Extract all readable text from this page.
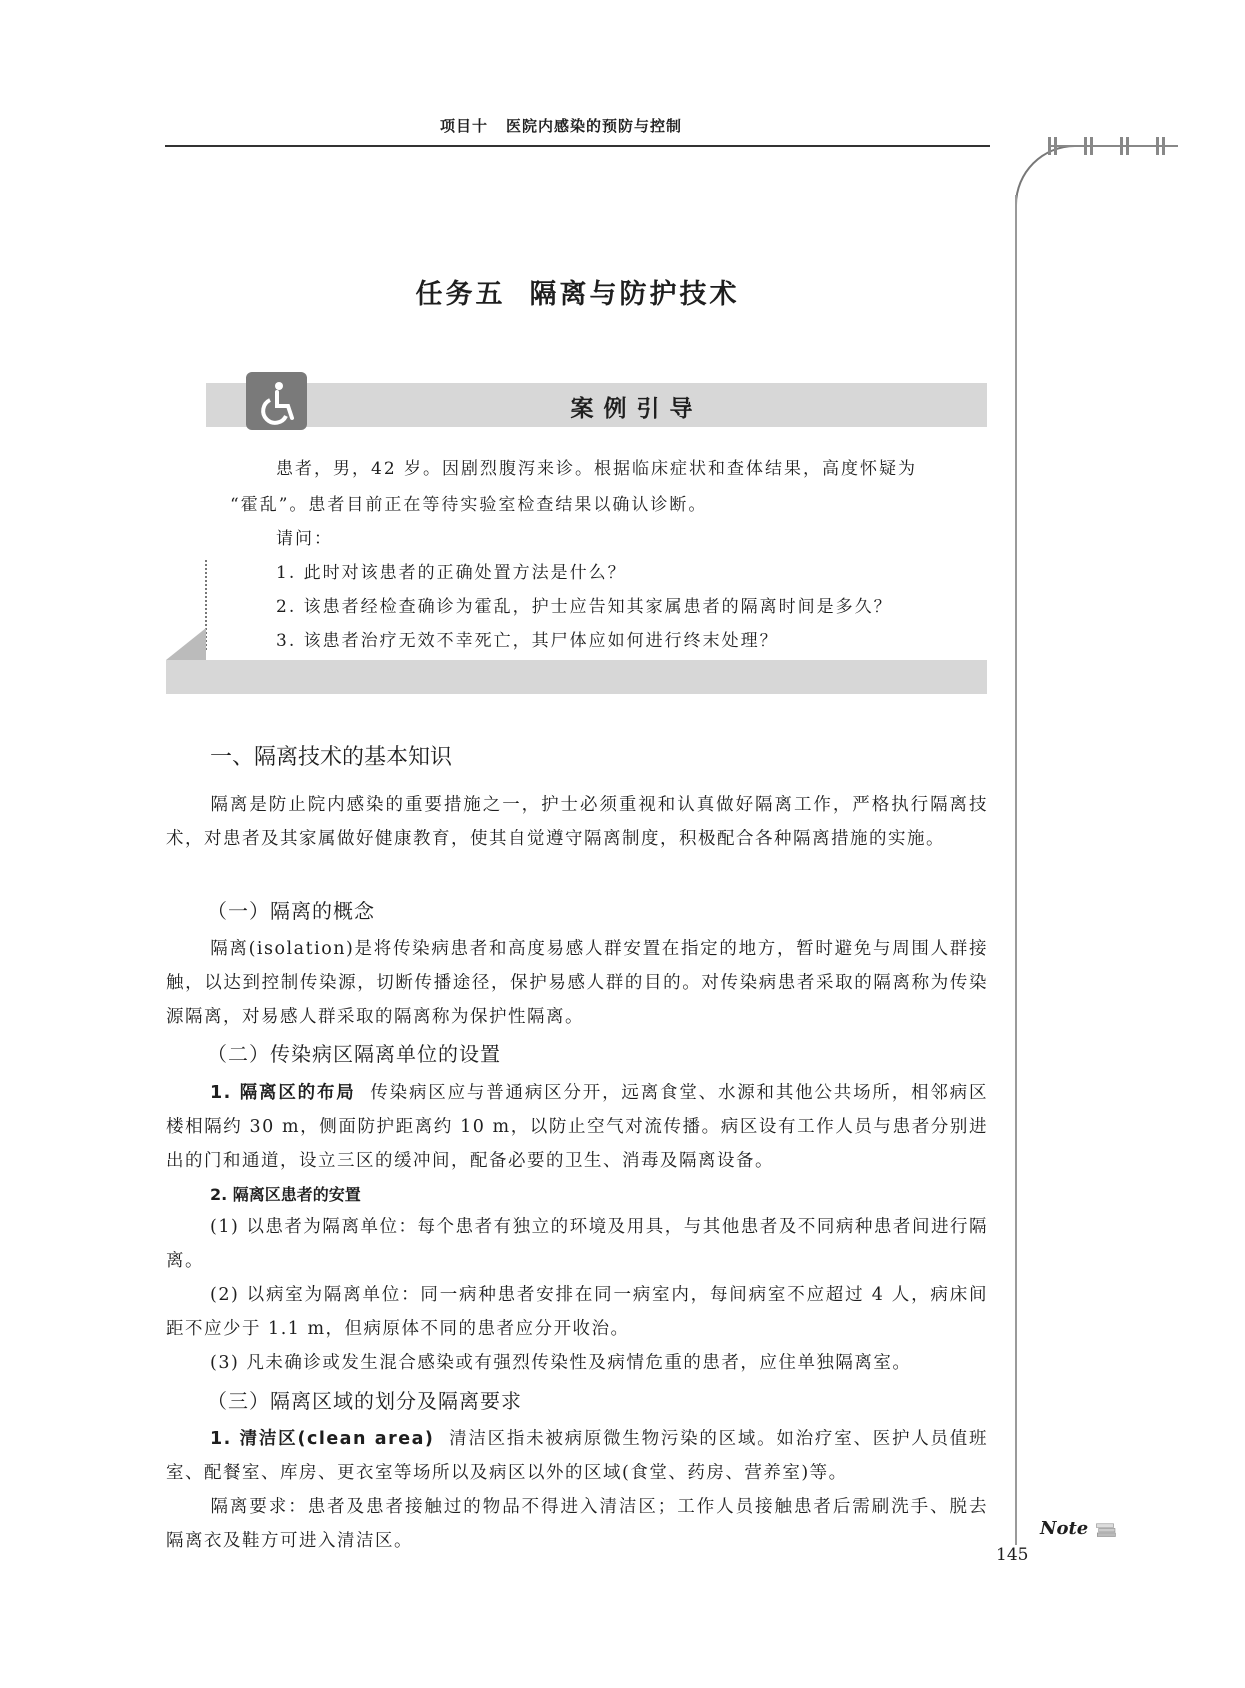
项目十 医院内感染的预防与控制
任务五 隔离与防护技术
案例引导
患者，男，42 岁。因剧烈腹泻来诊。根据临床症状和查体结果，高度怀疑为
“霍乱”。患者目前正在等待实验室检查结果以确认诊断。
请问：
1. 此时对该患者的正确处置方法是什么？
2. 该患者经检查确诊为霍乱，护士应告知其家属患者的隔离时间是多久？
3. 该患者治疗无效不幸死亡，其尸体应如何进行终末处理？
一、隔离技术的基本知识
隔离是防止院内感染的重要措施之一，护士必须重视和认真做好隔离工作，严格执行隔离技术，对患者及其家属做好健康教育，使其自觉遵守隔离制度，积极配合各种隔离措施的实施。
（一）隔离的概念
隔离(isolation)是将传染病患者和高度易感人群安置在指定的地方，暂时避免与周围人群接触，以达到控制传染源，切断传播途径，保护易感人群的目的。对传染病患者采取的隔离称为传染源隔离，对易感人群采取的隔离称为保护性隔离。
（二）传染病区隔离单位的设置
1. 隔离区的布局 传染病区应与普通病区分开，远离食堂、水源和其他公共场所，相邻病区楼相隔约 30 m，侧面防护距离约 10 m，以防止空气对流传播。病区设有工作人员与患者分别进出的门和通道，设立三区的缓冲间，配备必要的卫生、消毒及隔离设备。
2. 隔离区患者的安置
(1) 以患者为隔离单位：每个患者有独立的环境及用具，与其他患者及不同病种患者间进行隔离。
(2) 以病室为隔离单位：同一病种患者安排在同一病室内，每间病室不应超过 4 人，病床间距不应少于 1.1 m，但病原体不同的患者应分开收治。
(3) 凡未确诊或发生混合感染或有强烈传染性及病情危重的患者，应住单独隔离室。
（三）隔离区域的划分及隔离要求
1. 清洁区(clean area) 清洁区指未被病原微生物污染的区域。如治疗室、医护人员值班室、配餐室、库房、更衣室等场所以及病区以外的区域(食堂、药房、营养室)等。
隔离要求：患者及患者接触过的物品不得进入清洁区；工作人员接触患者后需刷洗手、脱去隔离衣及鞋方可进入清洁区。
Note
145
